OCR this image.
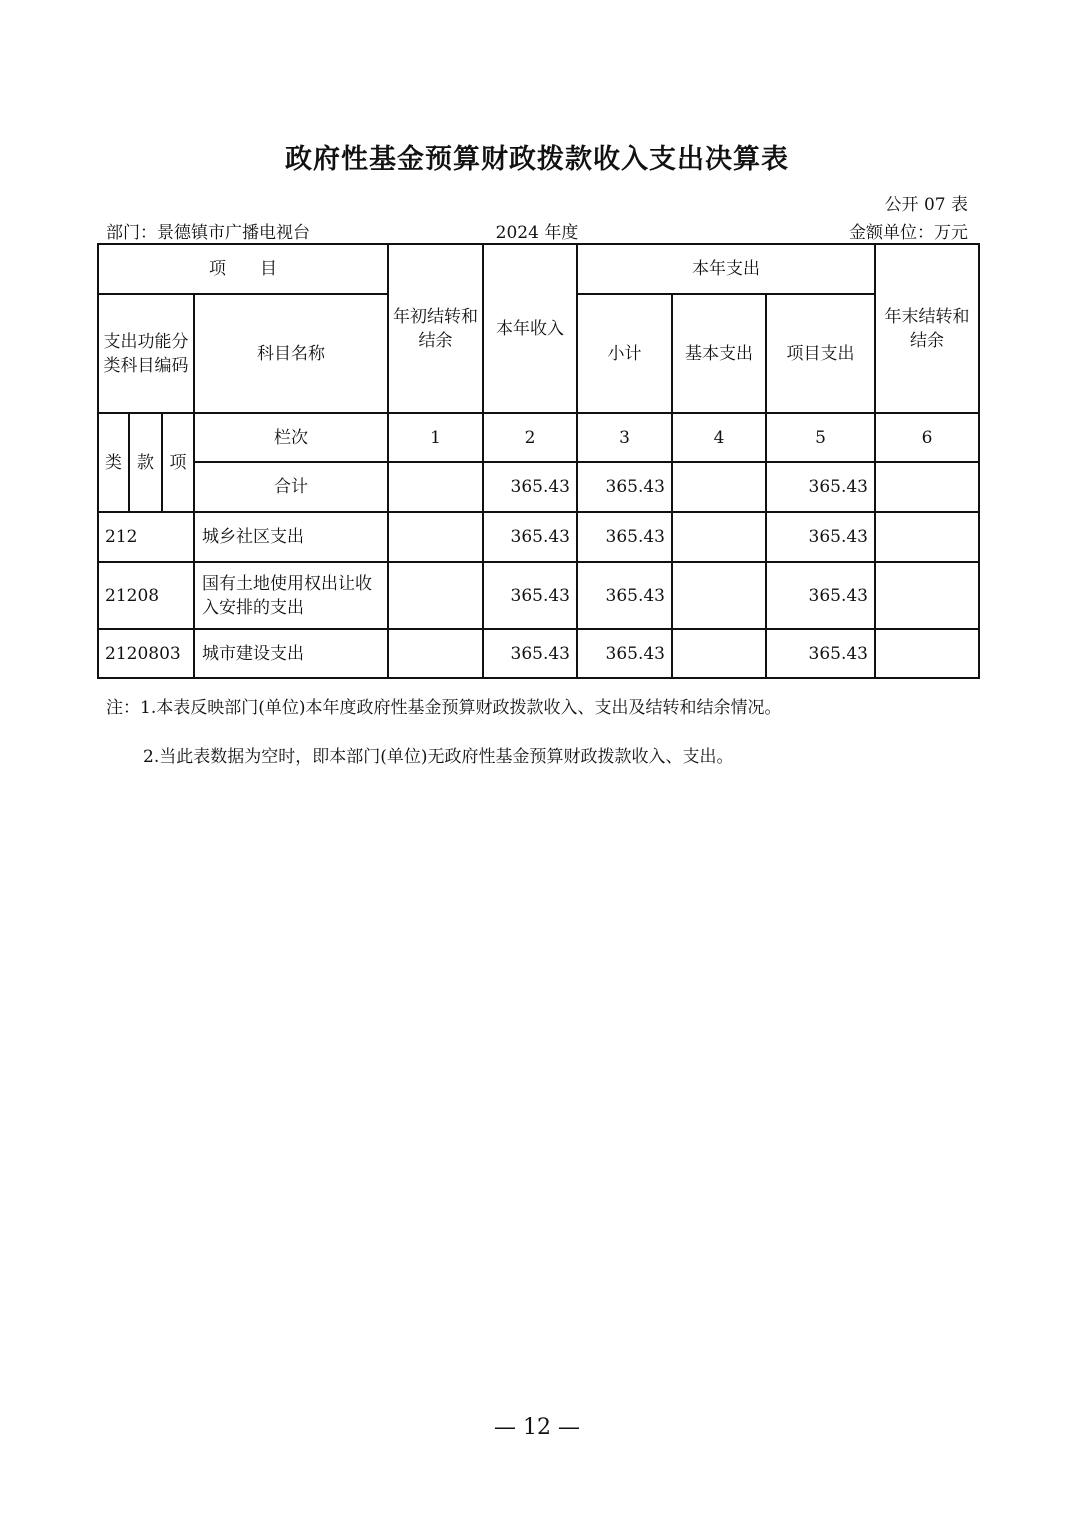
政府性基金预算财政拨款收入支出决算表
公开 07 表
2024 年度
部门：景德镇市广播电视台	金额单位：万元
项　　目				年初结转和结余	本年收入	本年支出			年末结转和结余
支出功能分类科目编码			科目名称			小计	基本支出	项目支出	
类	款	项	栏次	1	2	3	4	5	6
			合计		365.43	365.43		365.43	
212			城乡社区支出		365.43	365.43		365.43	
21208			国有土地使用权出让收入安排的支出		365.43	365.43		365.43	
2120803			城市建设支出		365.43	365.43		365.43	
注：1.本表反映部门(单位)本年度政府性基金预算财政拨款收入、支出及结转和结余情况。
2.当此表数据为空时，即本部门(单位)无政府性基金预算财政拨款收入、支出。
— 12 —
